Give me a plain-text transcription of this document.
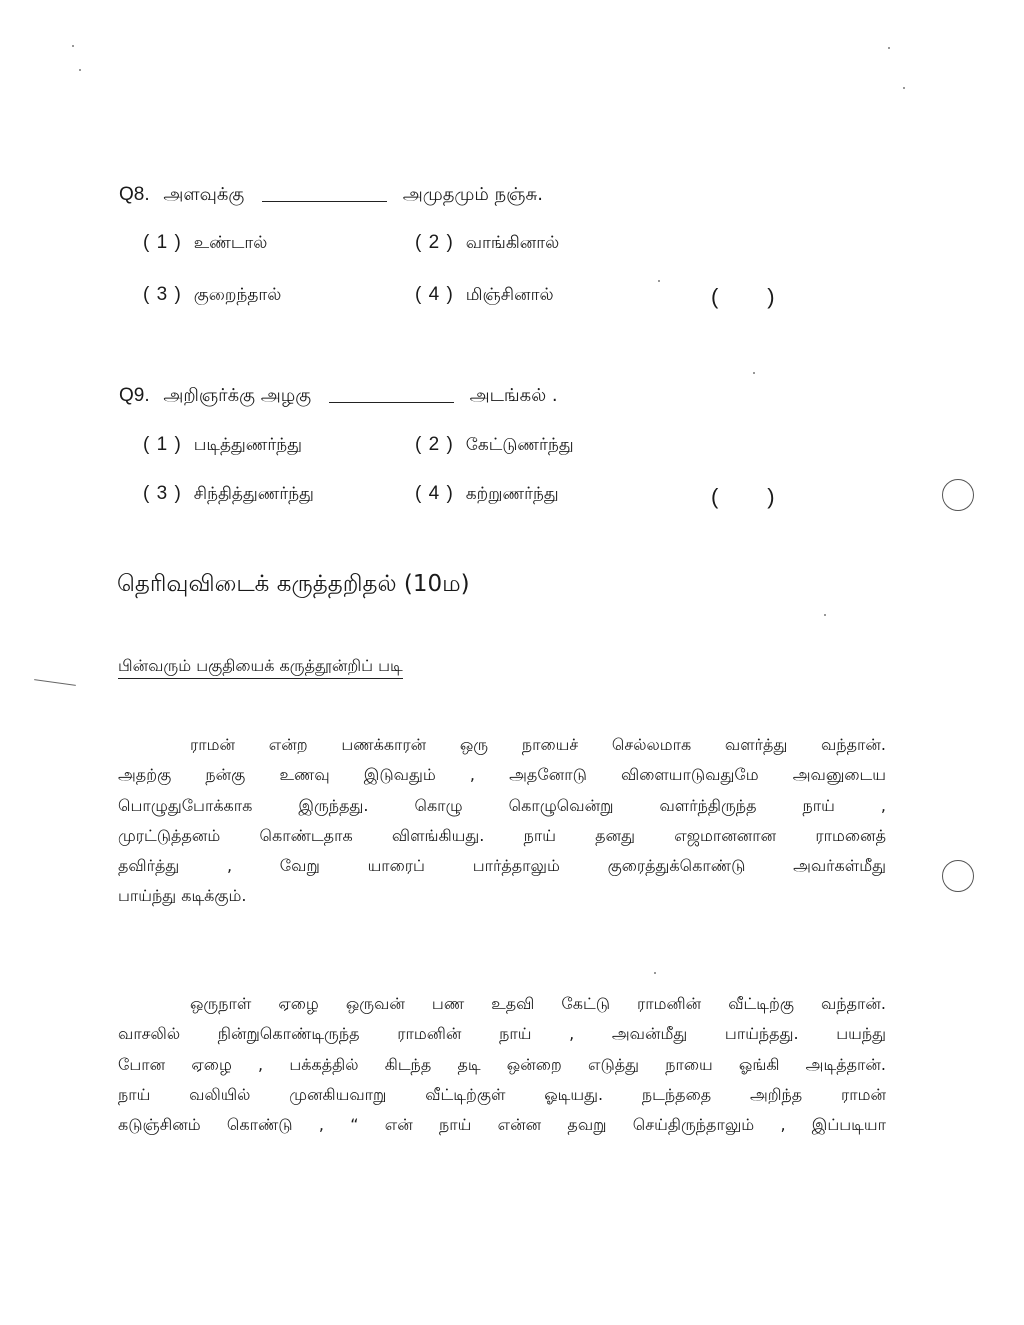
Q8. அளவுக்கு	அமுதமும் நஞ்சு.
( 1 ) உண்டால்	( 2 ) வாங்கினால்
( 3 ) குறைந்தால்	( 4 ) மிஞ்சினால்	(        )
Q9. அறிஞர்க்கு அழகு	அடங்கல் .
( 1 ) படித்துணர்ந்து	( 2 ) கேட்டுணர்ந்து
( 3 ) சிந்தித்துணர்ந்து	( 4 ) கற்றுணர்ந்து	(        )
தெரிவுவிடைக் கருத்தறிதல் (10ம)
பின்வரும் பகுதியைக் கருத்தூன்றிப் படி
ராமன் என்ற பணக்காரன் ஒரு நாயைச் செல்லமாக வளர்த்து வந்தான்.
அதற்கு நன்கு உணவு இடுவதும் , அதனோடு விளையாடுவதுமே அவனுடைய
பொழுதுபோக்காக இருந்தது. கொழு கொழுவென்று வளர்ந்திருந்த நாய் ,
முரட்டுத்தனம் கொண்டதாக விளங்கியது. நாய் தனது எஜமானனான ராமனைத்
தவிர்த்து , வேறு யாரைப் பார்த்தாலும் குரைத்துக்கொண்டு அவர்கள்மீது
பாய்ந்து கடிக்கும்.
ஒருநாள் ஏழை ஒருவன் பண உதவி கேட்டு ராமனின் வீட்டிற்கு வந்தான்.
வாசலில் நின்றுகொண்டிருந்த ராமனின் நாய் , அவன்மீது பாய்ந்தது. பயந்து
போன ஏழை , பக்கத்தில் கிடந்த தடி ஒன்றை எடுத்து நாயை ஓங்கி அடித்தான்.
நாய் வலியில் முனகியவாறு வீட்டிற்குள் ஓடியது. நடந்ததை அறிந்த ராமன்
கடுஞ்சினம் கொண்டு , “ என் நாய் என்ன தவறு செய்திருந்தாலும் , இப்படியா
